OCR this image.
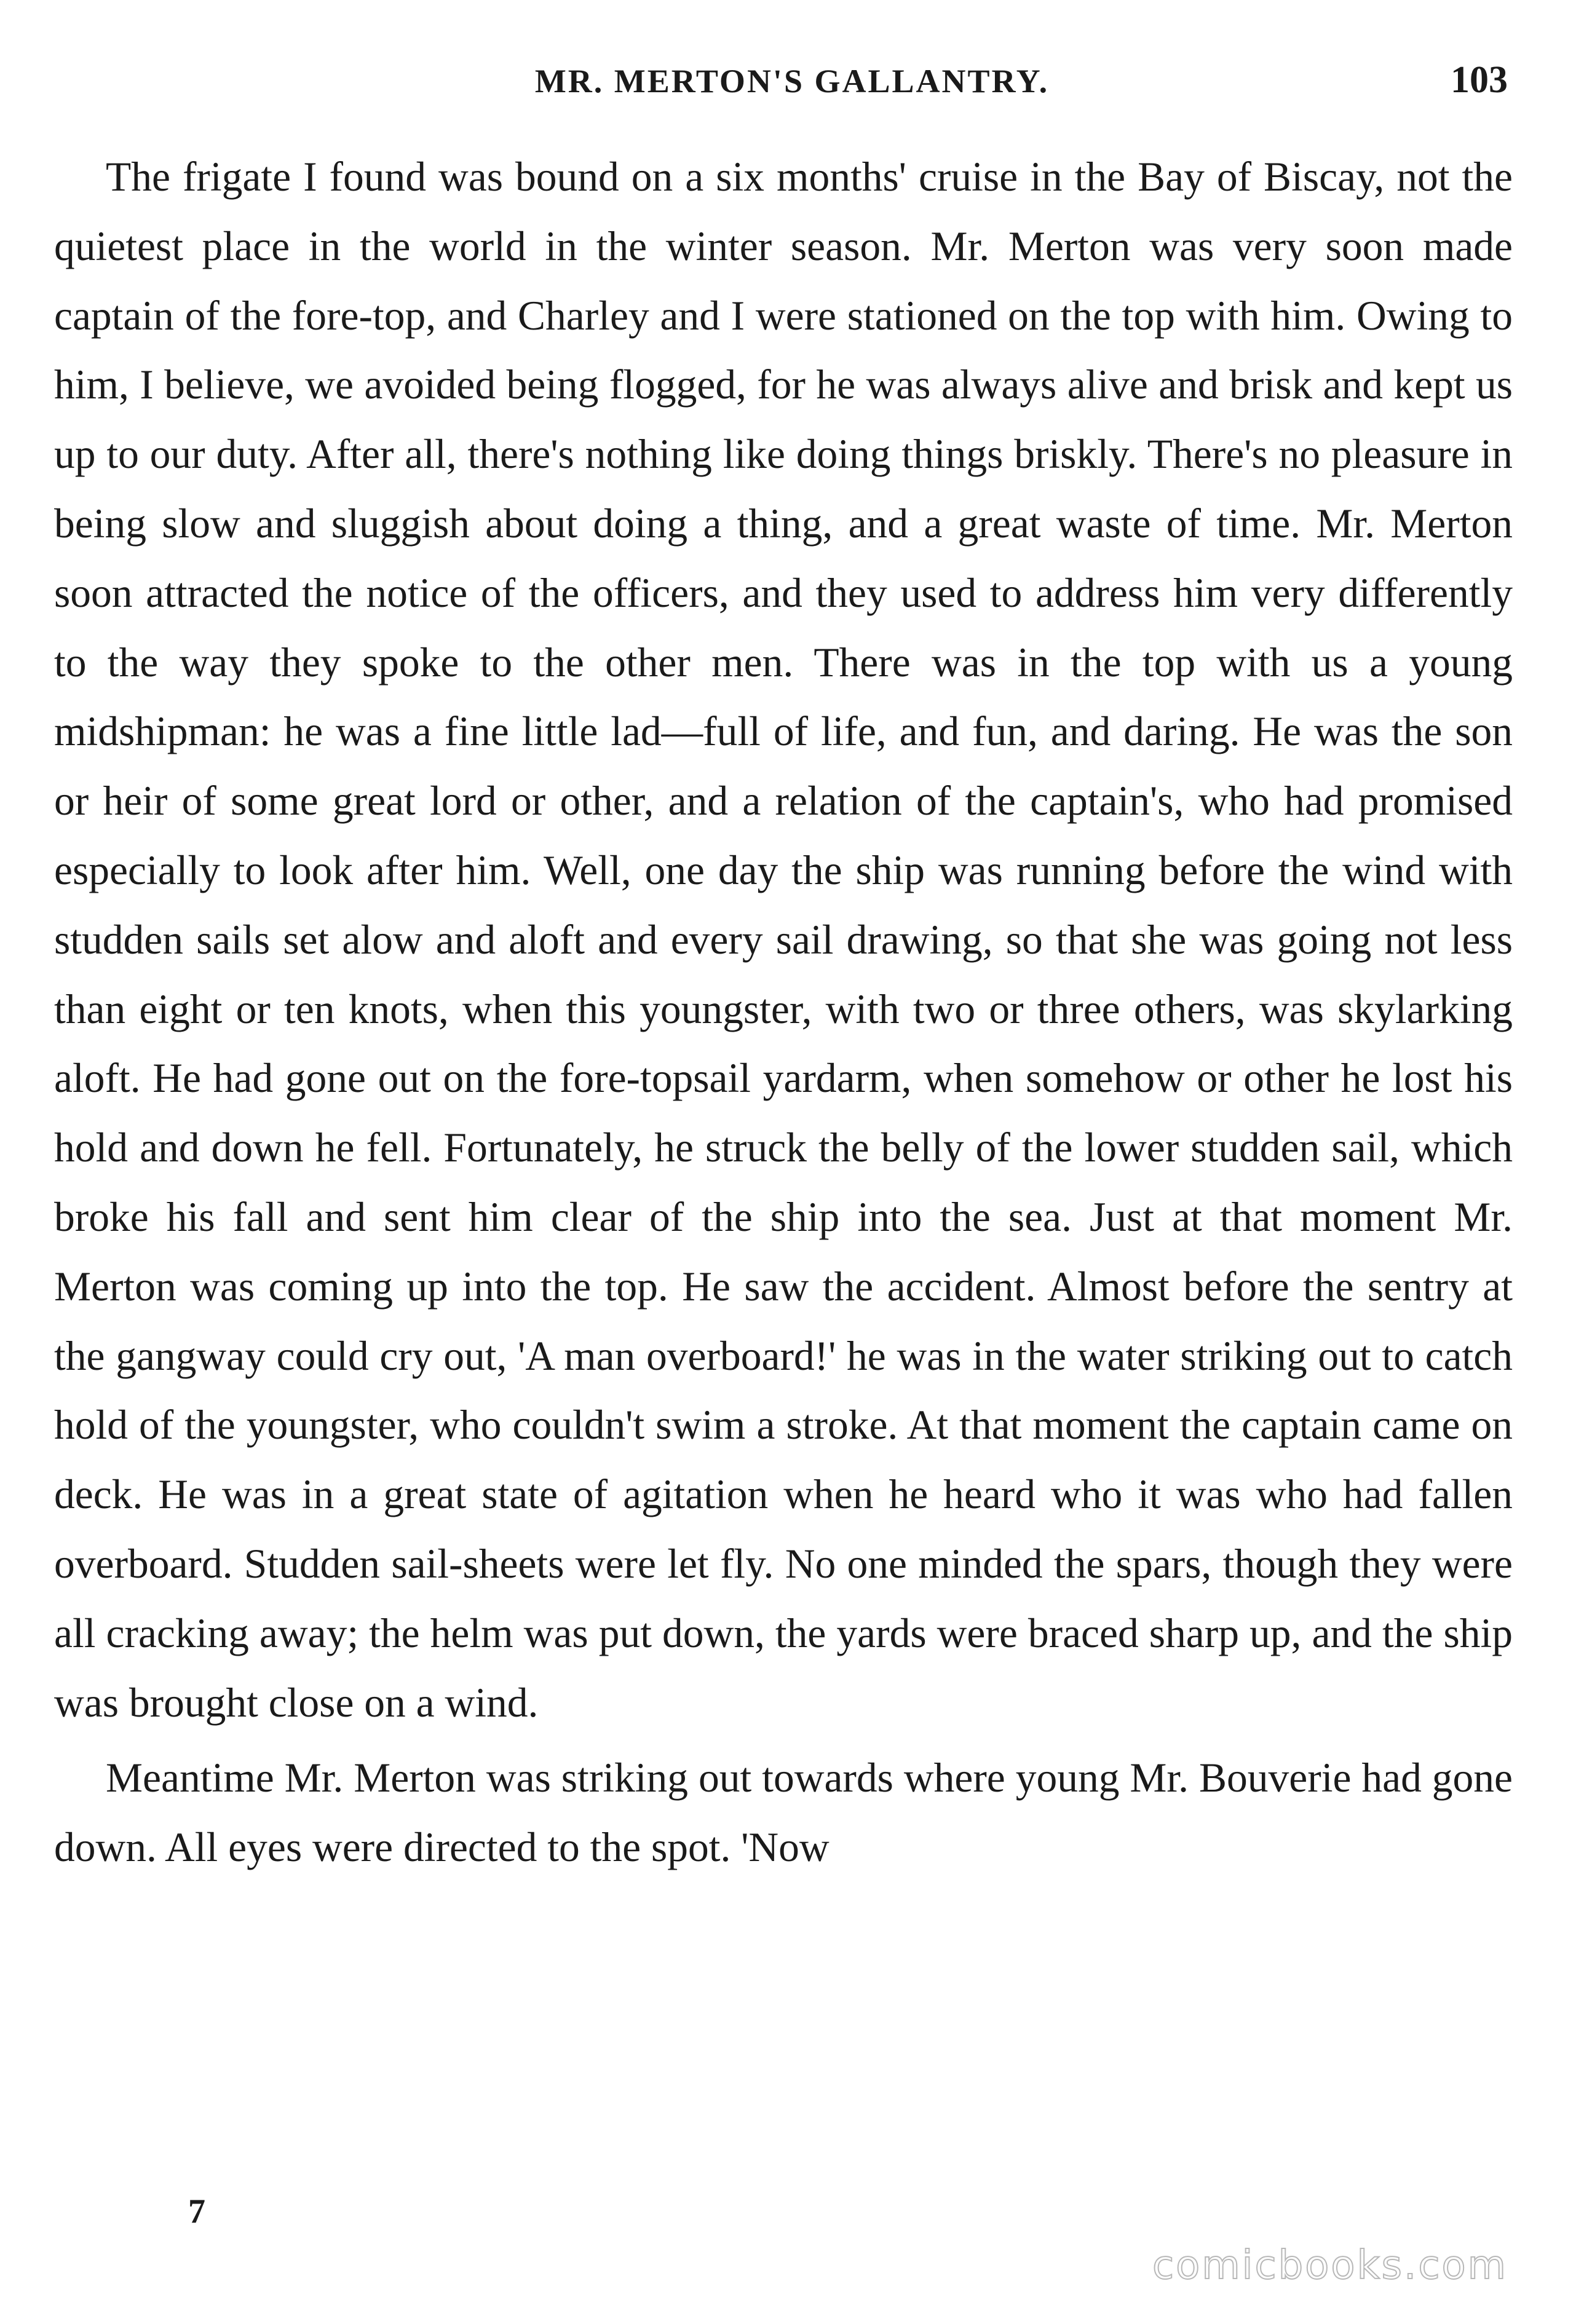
MR. MERTON'S GALLANTRY.	103

The frigate I found was bound on a six months' cruise in the Bay of Biscay, not the quietest place in the world in the winter season. Mr. Merton was very soon made captain of the fore-top, and Charley and I were stationed on the top with him. Owing to him, I believe, we avoided being flogged, for he was always alive and brisk and kept us up to our duty. After all, there's nothing like doing things briskly. There's no pleasure in being slow and sluggish about doing a thing, and a great waste of time. Mr. Merton soon attracted the notice of the officers, and they used to address him very differently to the way they spoke to the other men. There was in the top with us a young midshipman: he was a fine little lad—full of life, and fun, and daring. He was the son or heir of some great lord or other, and a relation of the captain's, who had promised especially to look after him. Well, one day the ship was running before the wind with studden sails set alow and aloft and every sail drawing, so that she was going not less than eight or ten knots, when this youngster, with two or three others, was skylarking aloft. He had gone out on the fore-topsail yardarm, when somehow or other he lost his hold and down he fell. Fortunately, he struck the belly of the lower studden sail, which broke his fall and sent him clear of the ship into the sea. Just at that moment Mr. Merton was coming up into the top. He saw the accident. Almost before the sentry at the gangway could cry out, 'A man overboard!' he was in the water striking out to catch hold of the youngster, who couldn't swim a stroke. At that moment the captain came on deck. He was in a great state of agitation when he heard who it was who had fallen overboard. Studden sail-sheets were let fly. No one minded the spars, though they were all cracking away; the helm was put down, the yards were braced sharp up, and the ship was brought close on a wind.

Meantime Mr. Merton was striking out towards where young Mr. Bouverie had gone down. All eyes were directed to the spot. 'Now

7
comicbooks.com
